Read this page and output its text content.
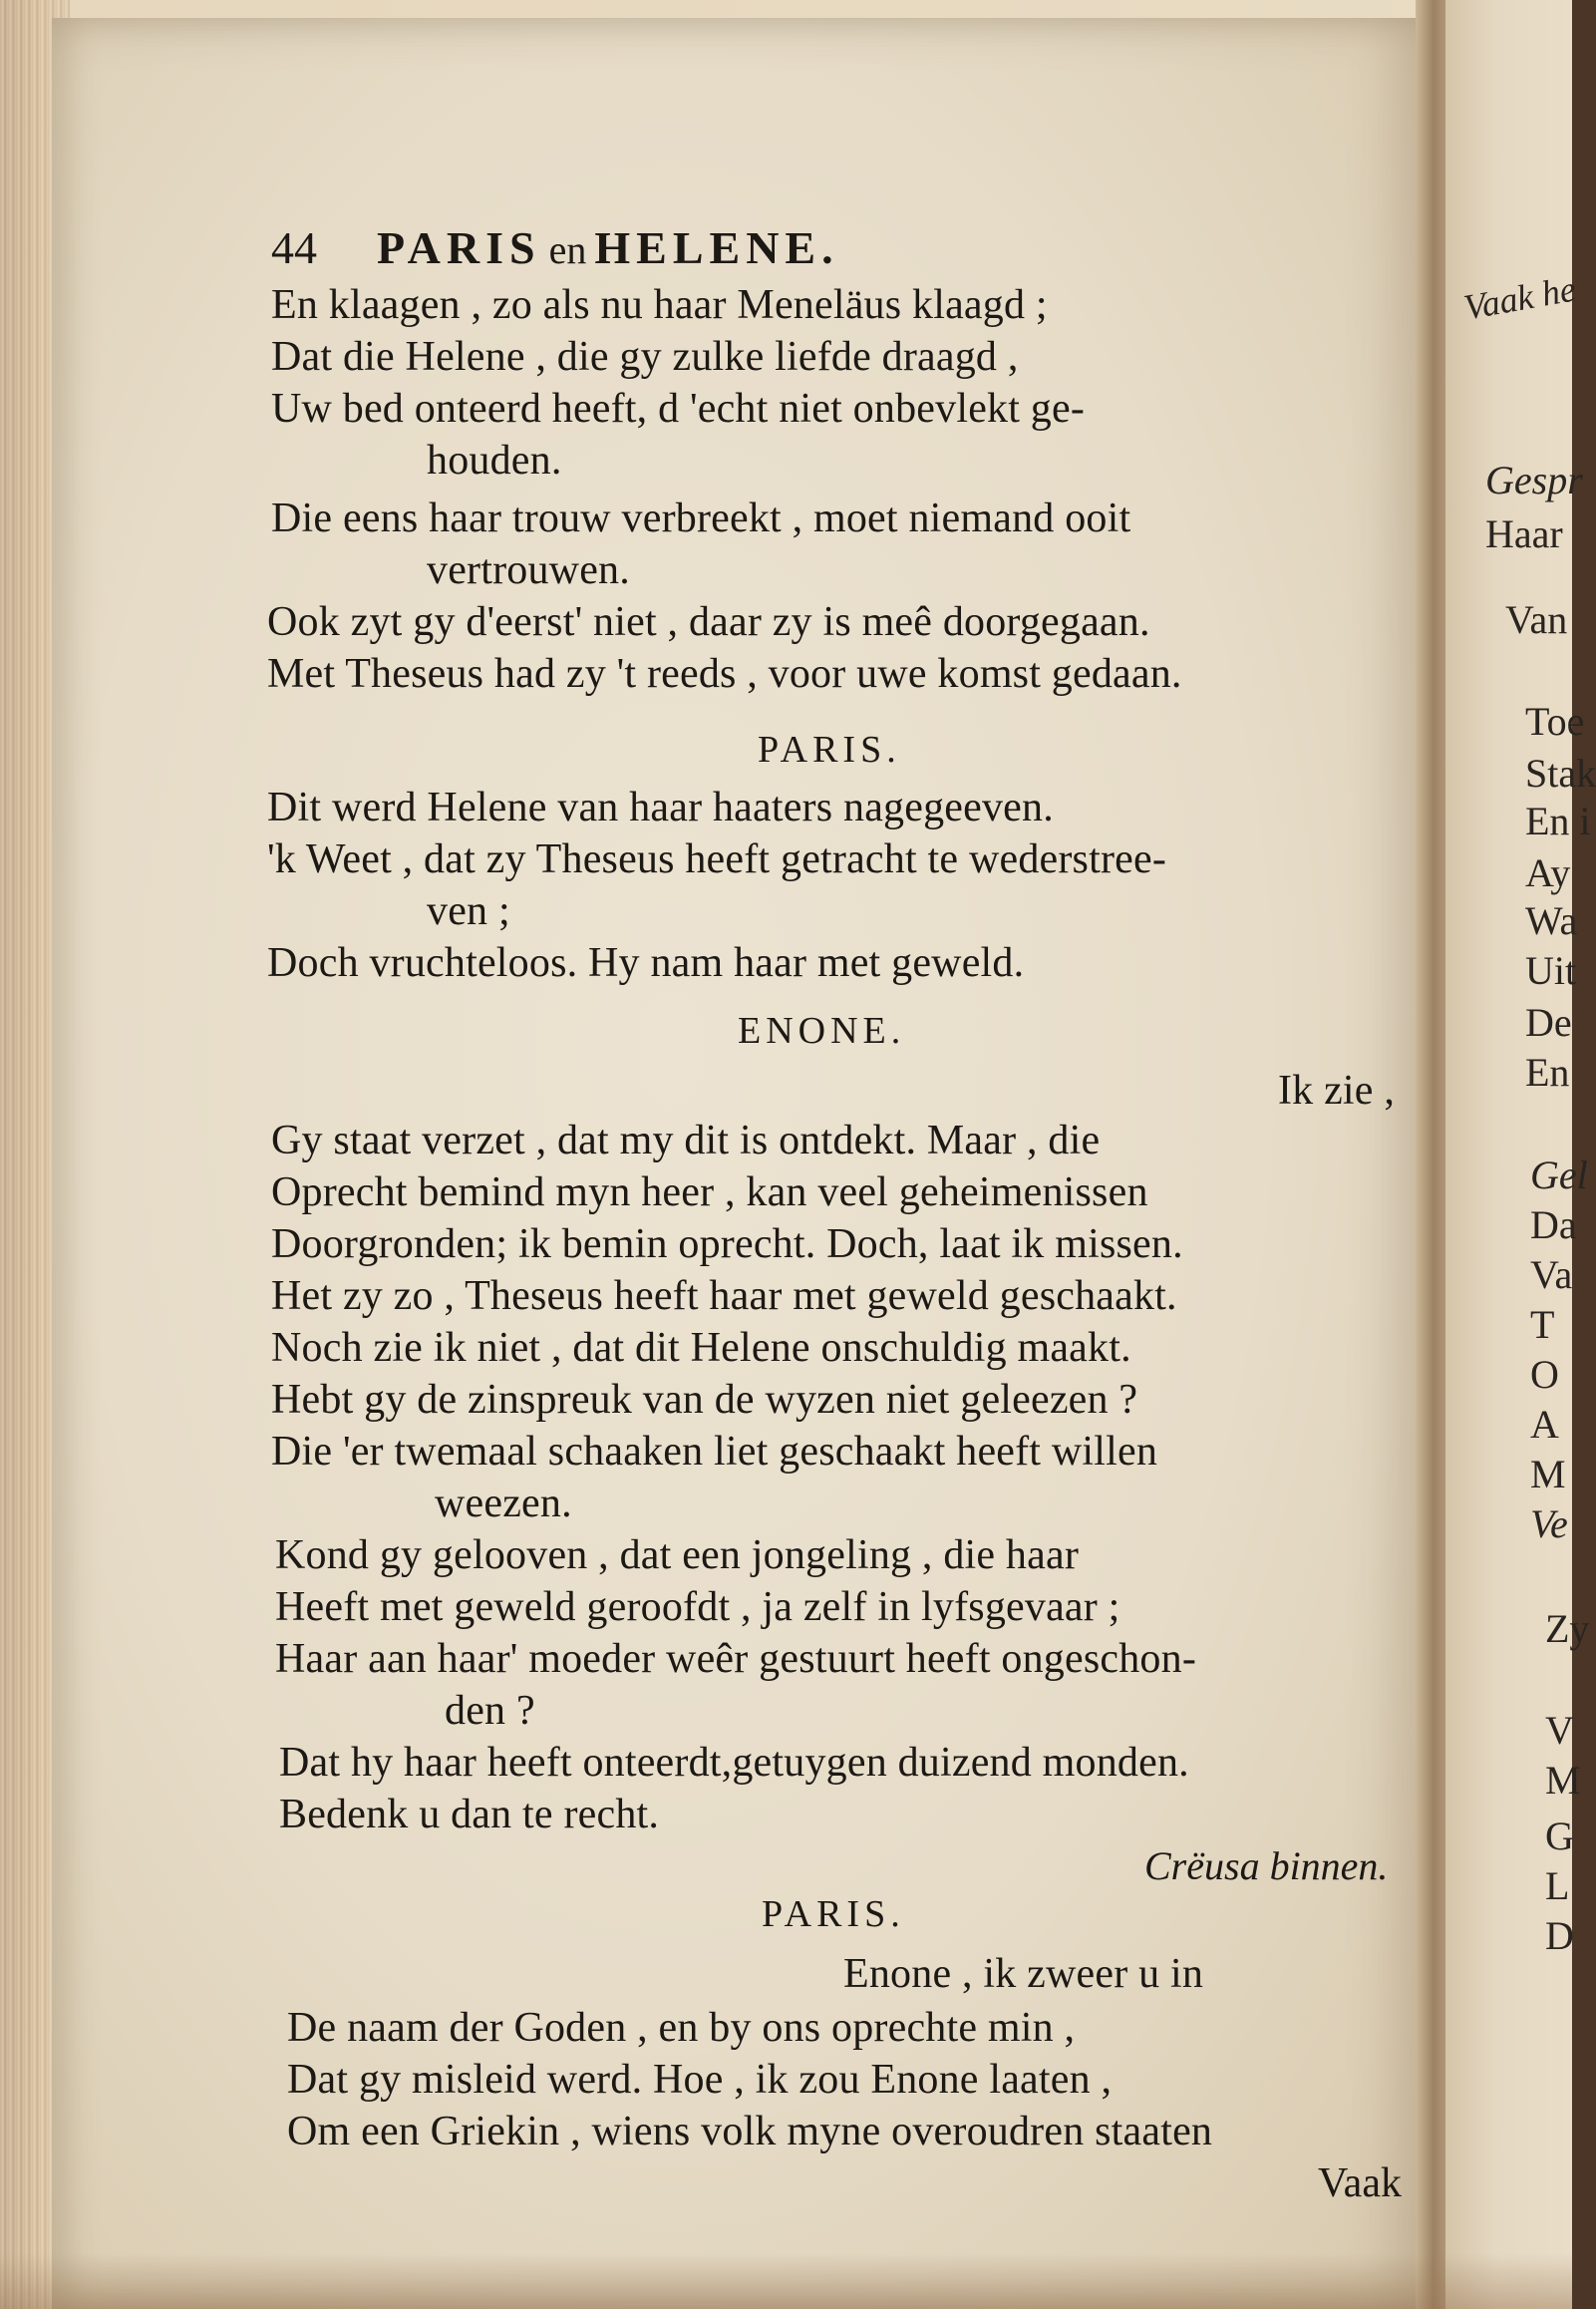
Vaak he
Gespr
Haar
Van
Toe
Stak
En i
Ay
Wa
Uit
De
En
Gel
Da
Va
T
O
A
M
Ve
Zy
V
M
G
L
D
44 PARIS en HELENE.
En klaagen , zo als nu haar Meneläus klaagd ;
Dat die Helene , die gy zulke liefde draagd ,
Uw bed onteerd heeft, d 'echt niet onbevlekt ge-
houden.
Die eens haar trouw verbreekt , moet niemand ooit
vertrouwen.
Ook zyt gy d'eerst' niet , daar zy is meê doorgegaan.
Met Theseus had zy 't reeds , voor uwe komst gedaan.
PARIS.
Dit werd Helene van haar haaters nagegeeven.
'k Weet , dat zy Theseus heeft getracht te wederstree-
ven ;
Doch vruchteloos. Hy nam haar met geweld.
ENONE.
Ik zie ,
Gy staat verzet , dat my dit is ontdekt. Maar , die
Oprecht bemind myn heer , kan veel geheimenissen
Doorgronden; ik bemin oprecht. Doch, laat ik missen.
Het zy zo , Theseus heeft haar met geweld geschaakt.
Noch zie ik niet , dat dit Helene onschuldig maakt.
Hebt gy de zinspreuk van de wyzen niet geleezen ?
Die 'er twemaal schaaken liet geschaakt heeft willen
weezen.
Kond gy gelooven , dat een jongeling , die haar
Heeft met geweld geroofdt , ja zelf in lyfsgevaar ;
Haar aan haar' moeder weêr gestuurt heeft ongeschon-
den ?
Dat hy haar heeft onteerdt,getuygen duizend monden.
Bedenk u dan te recht.
Crëusa binnen.
PARIS.
Enone , ik zweer u in
De naam der Goden , en by ons oprechte min ,
Dat gy misleid werd. Hoe , ik zou Enone laaten ,
Om een Griekin , wiens volk myne overoudren staaten
Vaak
